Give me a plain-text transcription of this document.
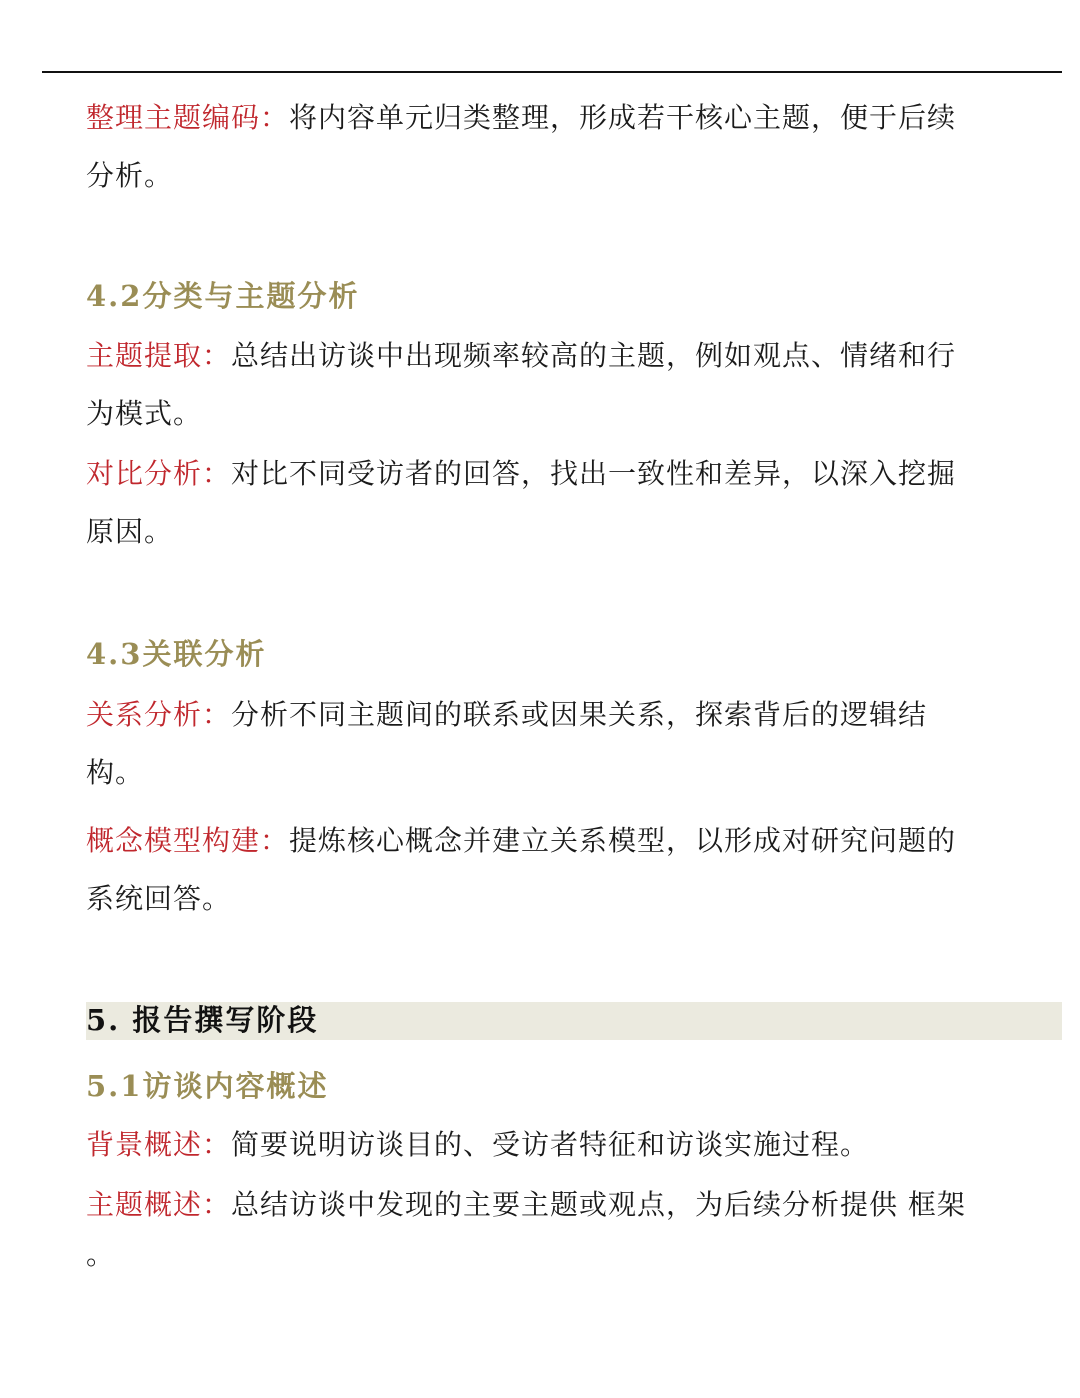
整理主题编码：将内容单元归类整理，形成若干核心主题，便于后续分析。

4.2分类与主题分析

主题提取：总结出访谈中出现频率较高的主题，例如观点、情绪和行为模式。

对比分析：对比不同受访者的回答，找出一致性和差异，以深入挖掘原因。

4.3关联分析

关系分析：分析不同主题间的联系或因果关系，探索背后的逻辑结构。

概念模型构建：提炼核心概念并建立关系模型，以形成对研究问题的系统回答。

5.1访谈内容概述

背景概述：简要说明访谈目的、受访者特征和访谈实施过程。

主题概述：总结访谈中发现的主要主题或观点，为后续分析提供 框架 。

5. 报告撰写阶段
